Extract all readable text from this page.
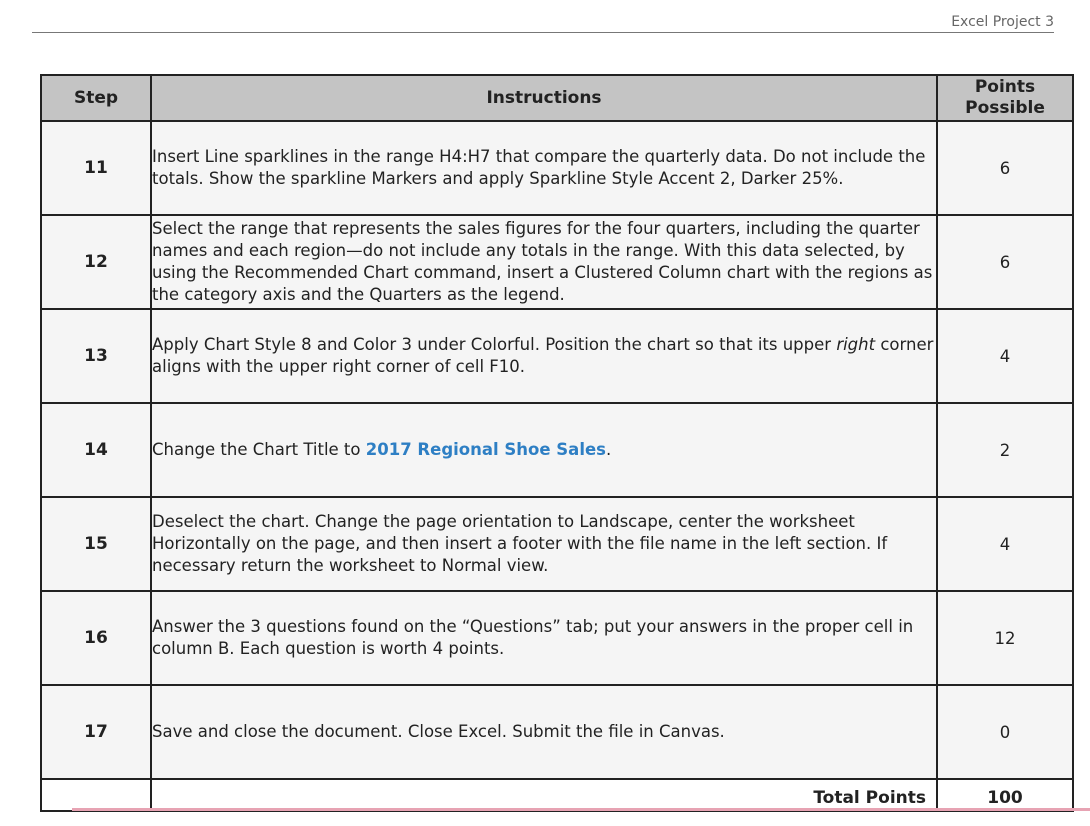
Excel Project 3
Step	Instructions	Points
Possible
11	Insert Line sparklines in the range H4:H7 that compare the quarterly data. Do not include the totals. Show the sparkline Markers and apply Sparkline Style Accent 2, Darker 25%.	6
12	Select the range that represents the sales figures for the four quarters, including the quarter names and each region—do not include any totals in the range. With this data selected, by using the Recommended Chart command, insert a Clustered Column chart with the regions as the category axis and the Quarters as the legend.	6
13	Apply Chart Style 8 and Color 3 under Colorful. Position the chart so that its upper right corner aligns with the upper right corner of cell F10.	4
14	Change the Chart Title to 2017 Regional Shoe Sales.	2
15	Deselect the chart. Change the page orientation to Landscape, center the worksheet Horizontally on the page, and then insert a footer with the file name in the left section. If necessary return the worksheet to Normal view.	4
16	Answer the 3 questions found on the “Questions” tab; put your answers in the proper cell in column B. Each question is worth 4 points.	12
17	Save and close the document. Close Excel. Submit the file in Canvas.	0
	Total Points	100
